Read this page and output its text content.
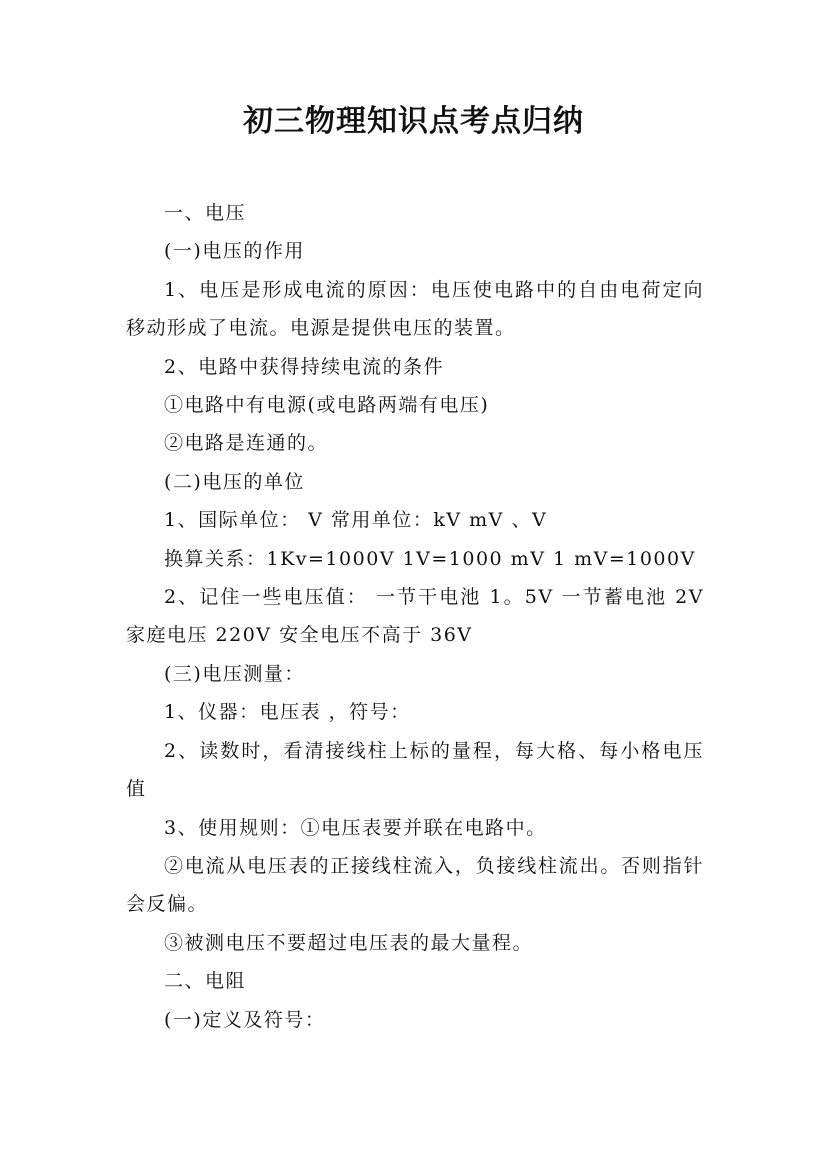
初三物理知识点考点归纳

一、电压

(一)电压的作用

1、电压是形成电流的原因：电压使电路中的自由电荷定向移动形成了电流。电源是提供电压的装置。

2、电路中获得持续电流的条件

①电路中有电源(或电路两端有电压)

②电路是连通的。

(二)电压的单位

1、国际单位： V 常用单位：kV mV 、V

换算关系：1Kv=1000V 1V=1000 mV 1 mV=1000V

2、记住一些电压值： 一节干电池 1。5V 一节蓄电池 2V 家庭电压 220V 安全电压不高于 36V

(三)电压测量：

1、仪器：电压表 ，符号：

2、读数时，看清接线柱上标的量程，每大格、每小格电压值

3、使用规则：①电压表要并联在电路中。

②电流从电压表的正接线柱流入，负接线柱流出。否则指针会反偏。

③被测电压不要超过电压表的最大量程。

二、电阻

(一)定义及符号：
